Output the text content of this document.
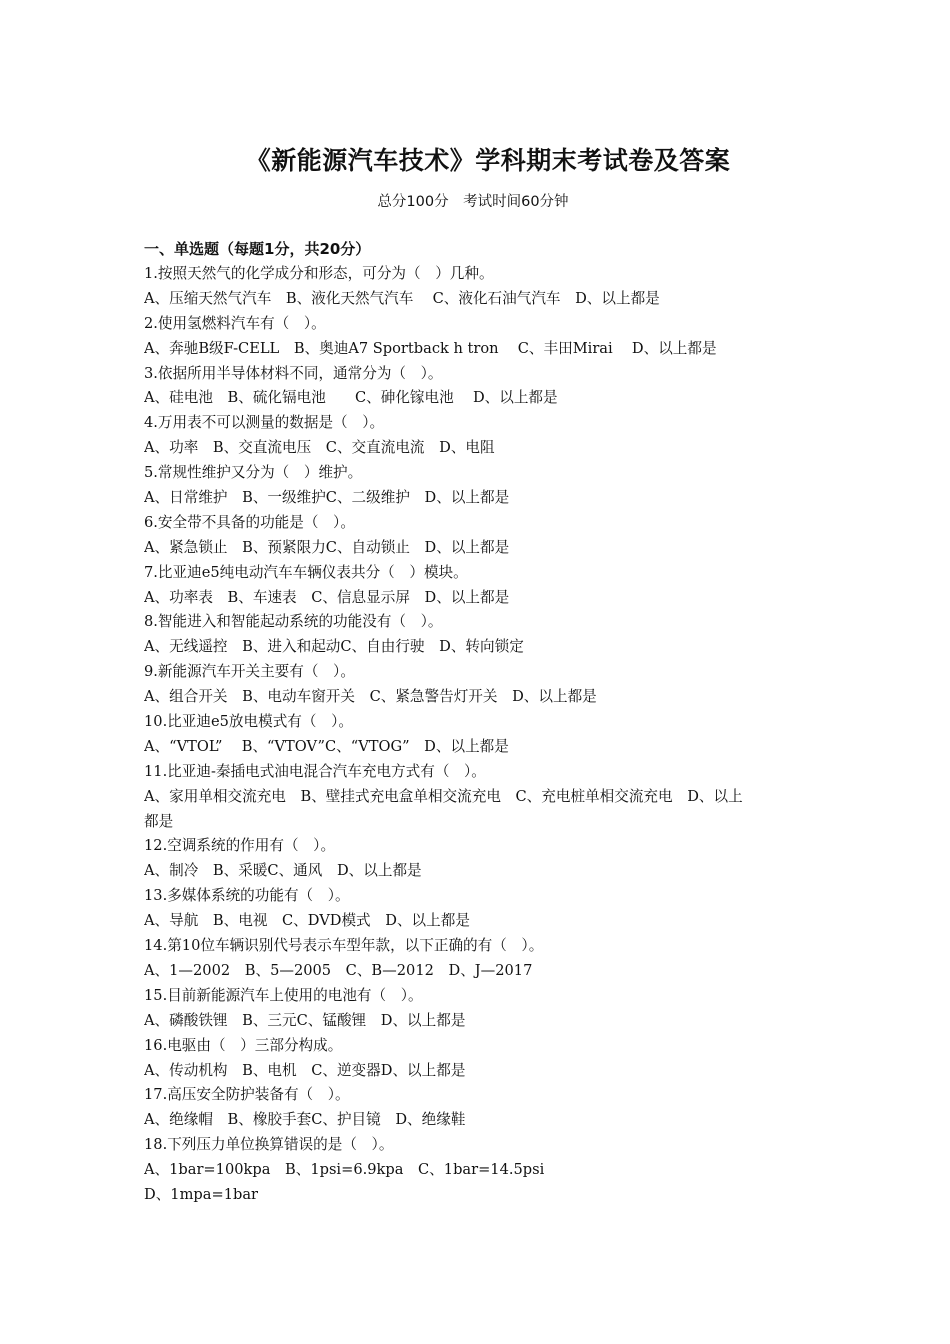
《新能源汽车技术》学科期末考试卷及答案
总分100分　考试时间60分钟
一、单选题（每题1分，共20分）
1.按照天然气的化学成分和形态，可分为（　）几种。
A、压缩天然气汽车　B、液化天然气汽车　 C、液化石油气汽车　D、以上都是
2.使用氢燃料汽车有（　）。
A、奔驰B级F-CELL　B、奥迪A7 Sportback h tron　 C、丰田Mirai　 D、以上都是
3.依据所用半导体材料不同，通常分为（　）。
A、硅电池　B、硫化镉电池　　C、砷化镓电池　 D、以上都是
4.万用表不可以测量的数据是（　）。
A、功率　B、交直流电压　C、交直流电流　D、电阻
5.常规性维护又分为（　）维护。
A、日常维护　B、一级维护C、二级维护　D、以上都是
6.安全带不具备的功能是（　）。
A、紧急锁止　B、预紧限力C、自动锁止　D、以上都是
7.比亚迪e5纯电动汽车车辆仪表共分（　）模块。
A、功率表　B、车速表　C、信息显示屏　D、以上都是
8.智能进入和智能起动系统的功能没有（　）。
A、无线遥控　B、进入和起动C、自由行驶　D、转向锁定
9.新能源汽车开关主要有（　）。
A、组合开关　B、电动车窗开关　C、紧急警告灯开关　D、以上都是
10.比亚迪e5放电模式有（　）。
A、“VTOL”　 B、“VTOV”C、“VTOG”　D、以上都是
11.比亚迪-秦插电式油电混合汽车充电方式有（　）。
A、家用单相交流充电　B、壁挂式充电盒单相交流充电　C、充电桩单相交流充电　D、以上
都是
12.空调系统的作用有（　）。
A、制冷　B、采暖C、通风　D、以上都是
13.多媒体系统的功能有（　）。
A、导航　B、电视　C、DVD模式　D、以上都是
14.第10位车辆识别代号表示车型年款，以下正确的有（　）。
A、1—2002　B、5—2005　C、B—2012　D、J—2017
15.目前新能源汽车上使用的电池有（　）。
A、磷酸铁锂　B、三元C、锰酸锂　D、以上都是
16.电驱由（　）三部分构成。
A、传动机构　B、电机　C、逆变器D、以上都是
17.高压安全防护装备有（　）。
A、绝缘帽　B、橡胶手套C、护目镜　D、绝缘鞋
18.下列压力单位换算错误的是（　）。
A、1bar=100kpa　B、1psi=6.9kpa　C、1bar=14.5psi
D、1mpa=1bar
